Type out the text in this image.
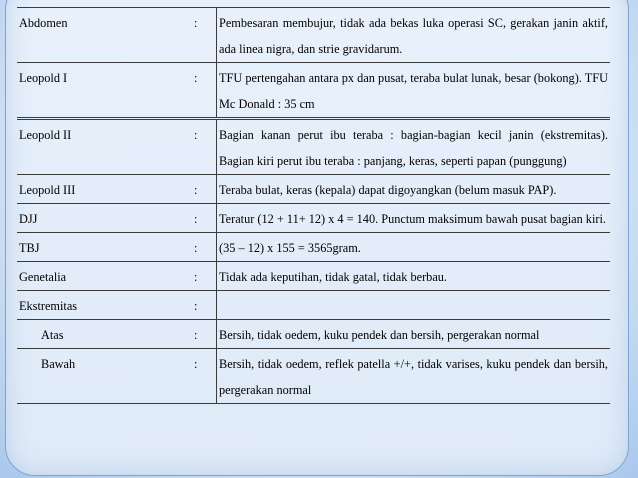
Abdomen	:	Pembesaran membujur, tidak ada bekas luka operasi SC, gerakan janin aktif, ada linea nigra, dan strie gravidarum.
Leopold I	:	TFU pertengahan antara px dan pusat, teraba bulat lunak, besar (bokong). TFU Mc Donald : 35 cm
Leopold II	:	Bagian kanan perut ibu teraba : bagian-bagian kecil janin (ekstremitas). Bagian kiri perut ibu teraba : panjang, keras, seperti papan (punggung)
Leopold III	:	Teraba bulat, keras (kepala) dapat digoyangkan (belum masuk PAP).
DJJ	:	Teratur (12 + 11+ 12) x 4 = 140. Punctum maksimum bawah pusat bagian kiri.
TBJ	:	(35 – 12) x 155 = 3565gram.
Genetalia	:	Tidak ada keputihan, tidak gatal, tidak berbau.
Ekstremitas	:	
Atas	:	Bersih, tidak oedem, kuku pendek dan bersih, pergerakan normal
Bawah	:	Bersih, tidak oedem, reflek patella +/+, tidak varises, kuku pendek dan bersih, pergerakan normal
